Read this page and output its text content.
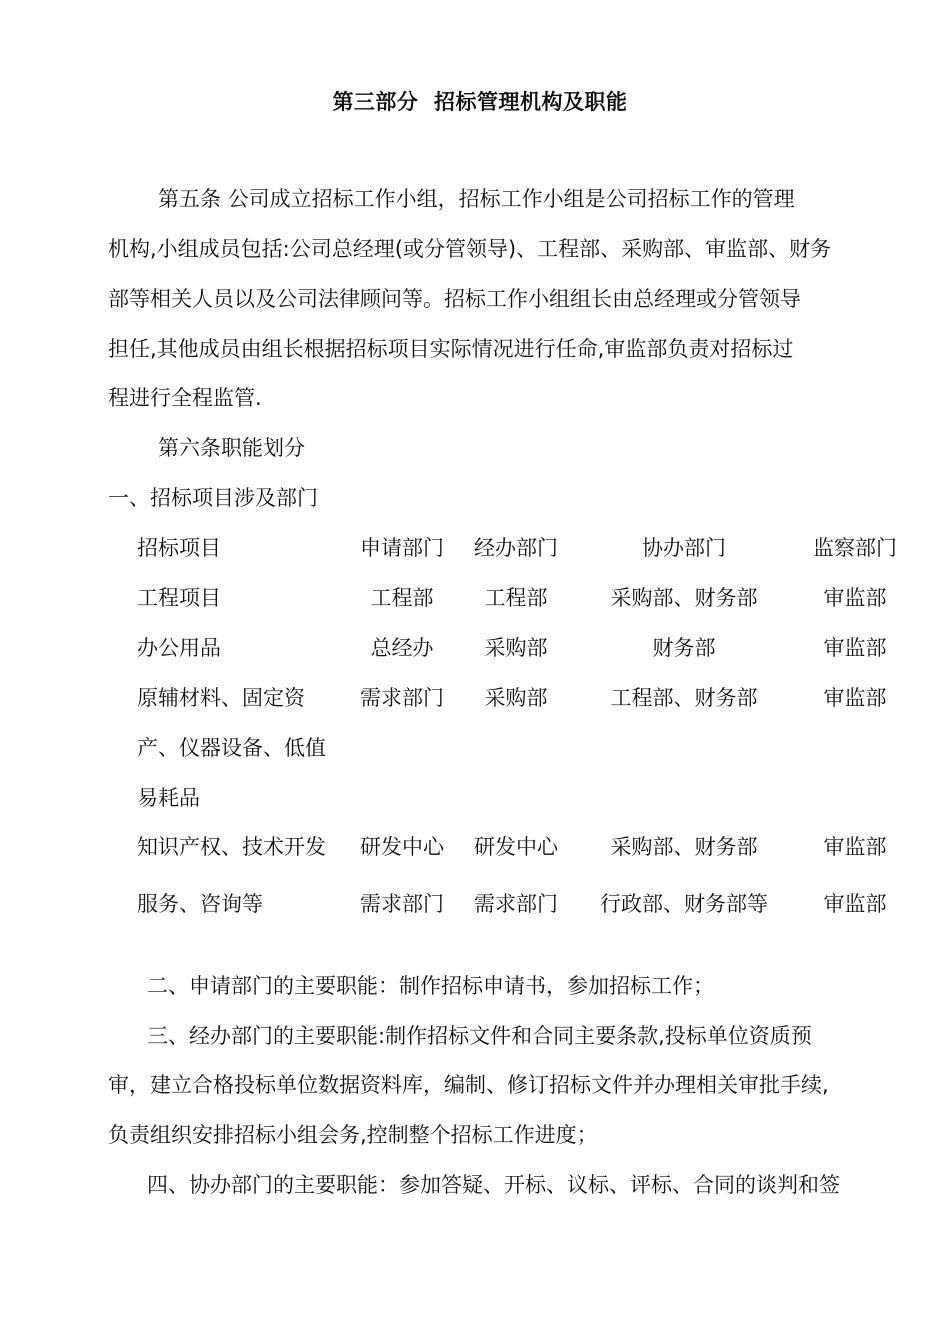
第三部分  招标管理机构及职能
第五条 公司成立招标工作小组，招标工作小组是公司招标工作的管理
机构,小组成员包括:公司总经理(或分管领导)、工程部、采购部、审监部、财务
部等相关人员以及公司法律顾问等。招标工作小组组长由总经理或分管领导
担任,其他成员由组长根据招标项目实际情况进行任命,审监部负责对招标过
程进行全程监管.
第六条职能划分
一、招标项目涉及部门
招标项目	申请部门 经办部门	协办部门	监察部门
工程项目	工程部	工程部	采购部、财务部	审监部
办公用品	总经办	采购部	财务部	审监部
原辅材料、固定资	需求部门	采购部	工程部、财务部	审监部
产、仪器设备、低值
易耗品
知识产权、技术开发 研发中心 研发中心	采购部、财务部	审监部
服务、咨询等	需求部门 需求部门	行政部、财务部等	审监部
二、申请部门的主要职能：制作招标申请书，参加招标工作；
三、经办部门的主要职能:制作招标文件和合同主要条款,投标单位资质预
审，建立合格投标单位数据资料库，编制、修订招标文件并办理相关审批手续,
负责组织安排招标小组会务,控制整个招标工作进度；
四、协办部门的主要职能：参加答疑、开标、议标、评标、合同的谈判和签
